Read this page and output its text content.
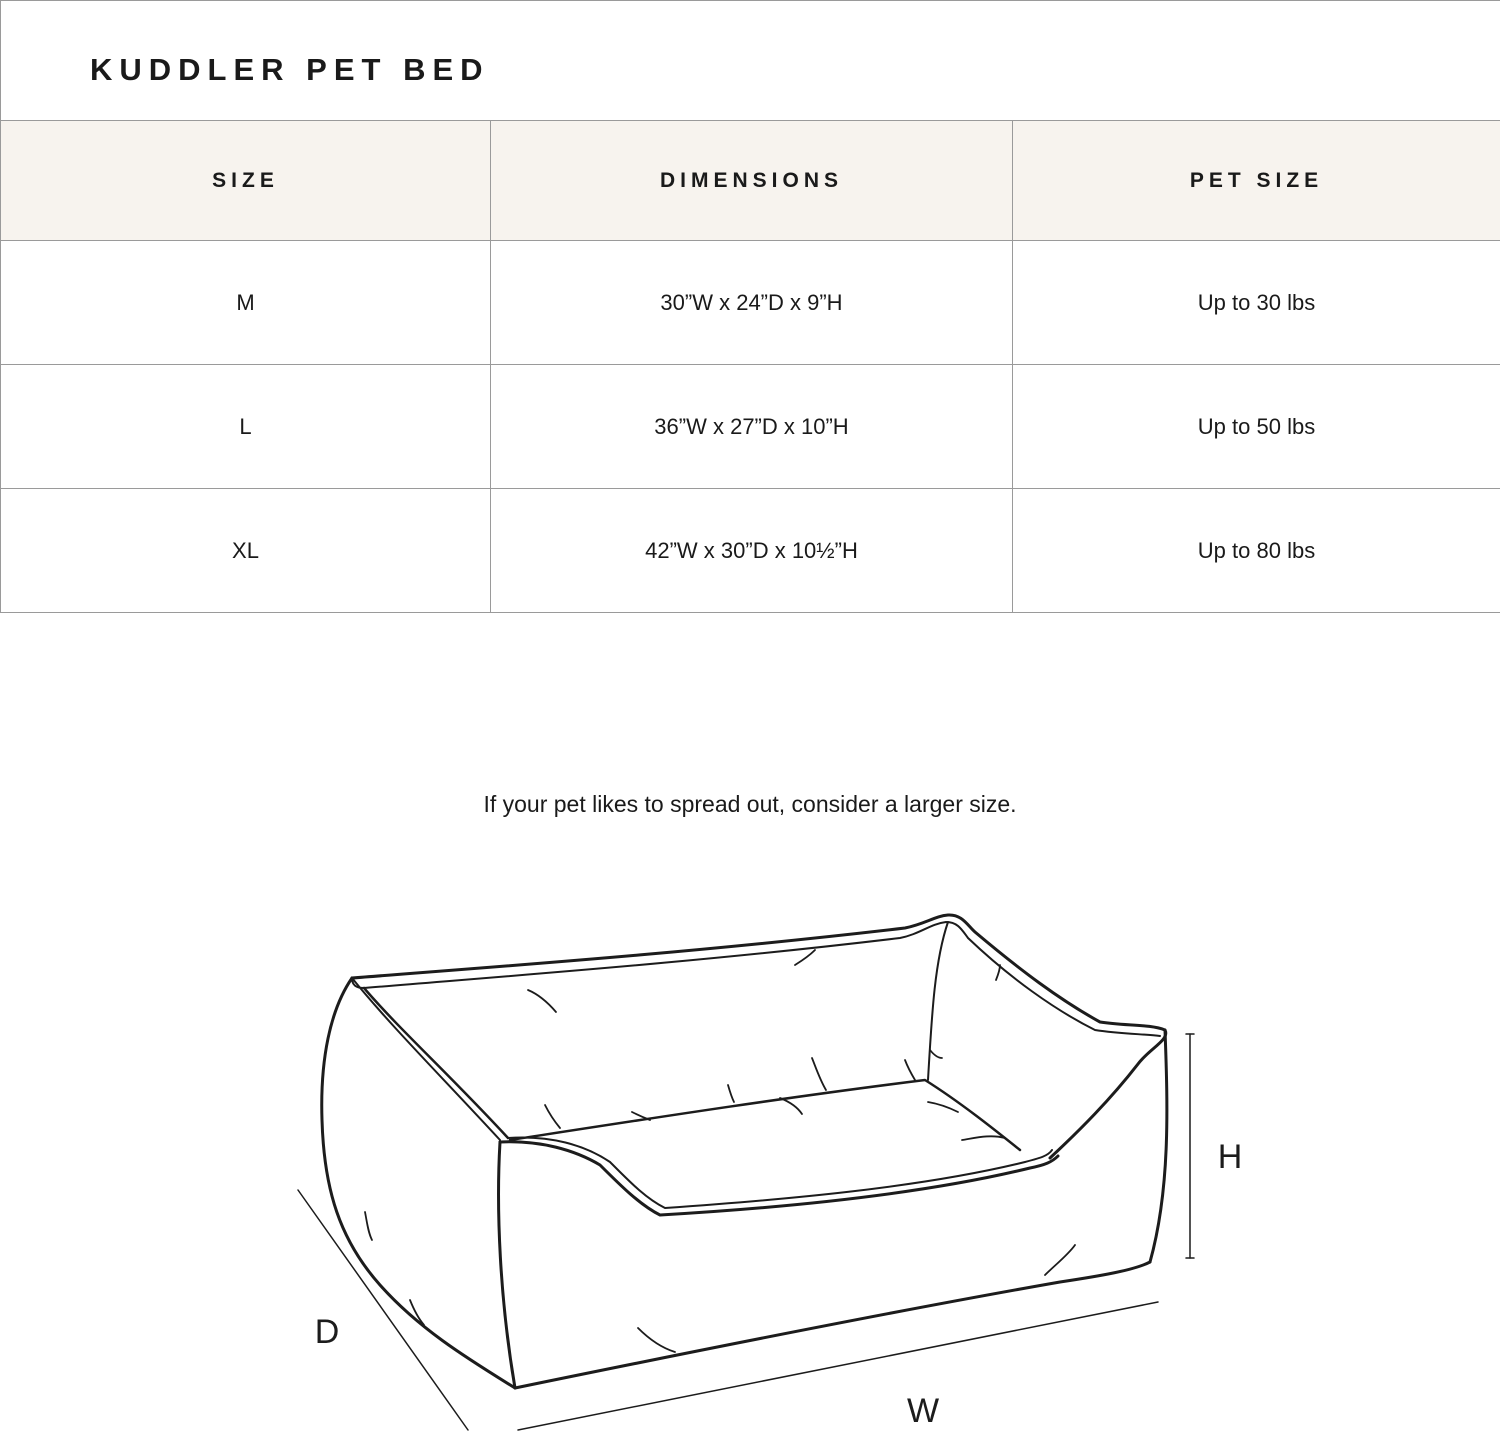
KUDDLER PET BED
SIZE	DIMENSIONS	PET SIZE
M	30”W x 24”D x 9”H	Up to 30 lbs
L	36”W x 27”D x 10”H	Up to 50 lbs
XL	42”W x 30”D x 10½”H	Up to 80 lbs

If your pet likes to spread out, consider a larger size.

W
D
H
